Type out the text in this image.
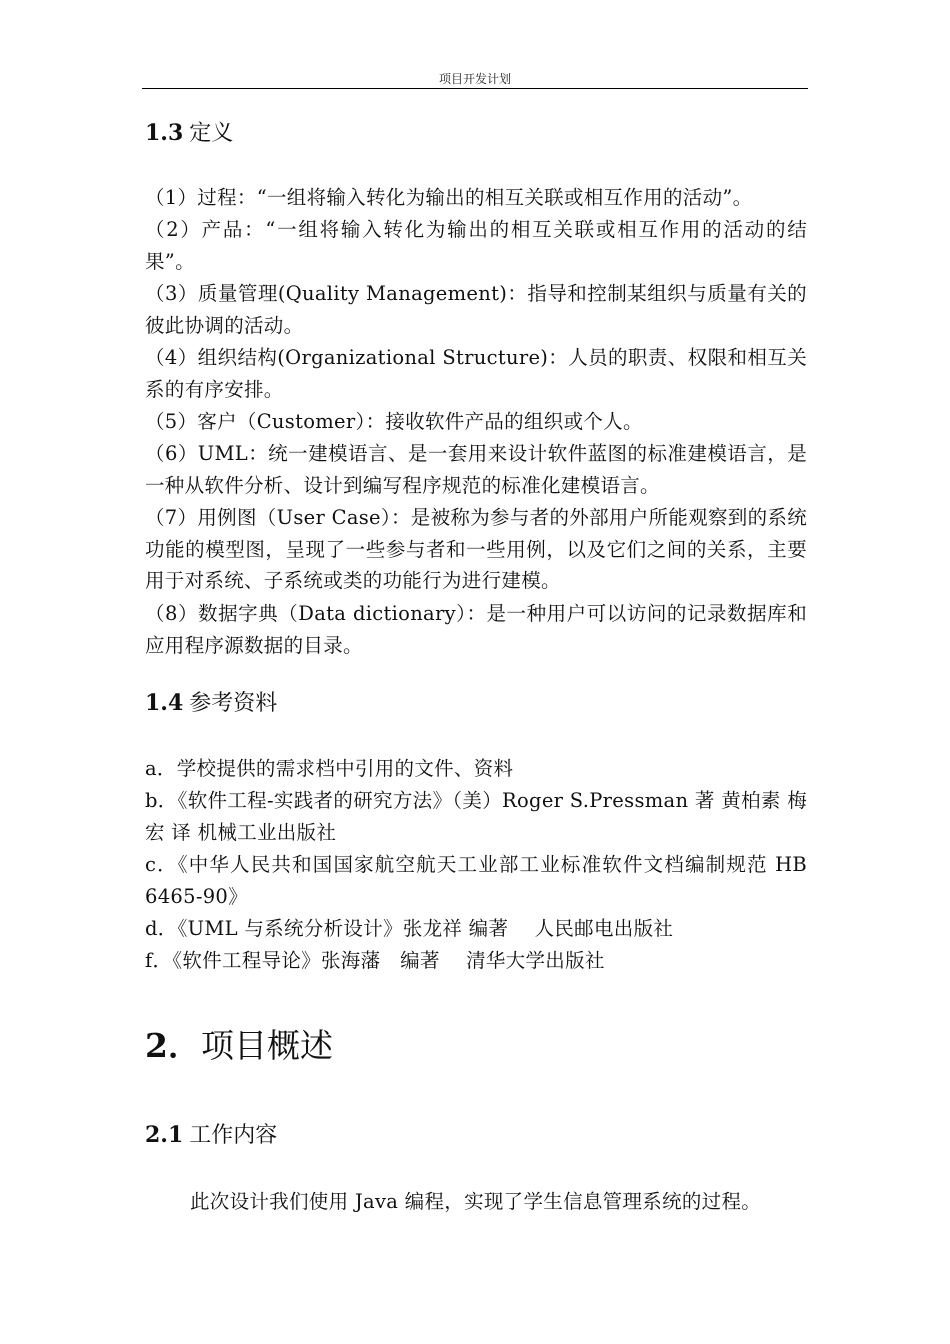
项目开发计划
1.3 定义

（1）过程：“一组将输入转化为输出的相互关联或相互作用的活动”。

（2）产品：“一组将输入转化为输出的相互关联或相互作用的活动的结果”。

（3）质量管理(Quality Management)：指导和控制某组织与质量有关的彼此协调的活动。

（4）组织结构(Organizational Structure)：人员的职责、权限和相互关系的有序安排。

（5）客户（Customer）：接收软件产品的组织或个人。

（6）UML：统一建模语言、是一套用来设计软件蓝图的标准建模语言，是一种从软件分析、设计到编写程序规范的标准化建模语言。

（7）用例图（User Case）：是被称为参与者的外部用户所能观察到的系统功能的模型图，呈现了一些参与者和一些用例，以及它们之间的关系，主要用于对系统、子系统或类的功能行为进行建模。

（8）数据字典（Data dictionary）：是一种用户可以访问的记录数据库和应用程序源数据的目录。

1.4 参考资料

a．学校提供的需求档中引用的文件、资料

b．《软件工程-实践者的研究方法》（美）Roger S.Pressman 著 黄柏素 梅宏 译 机械工业出版社

c．《中华人民共和国国家航空航天工业部工业标准软件文档编制规范 HB 6465-90》

d．《UML 与系统分析设计》张龙祥 编著　 人民邮电出版社

f．《软件工程导论》张海藩　编著　 清华大学出版社

2．项目概述
2.1 工作内容

此次设计我们使用 Java 编程，实现了学生信息管理系统的过程。
